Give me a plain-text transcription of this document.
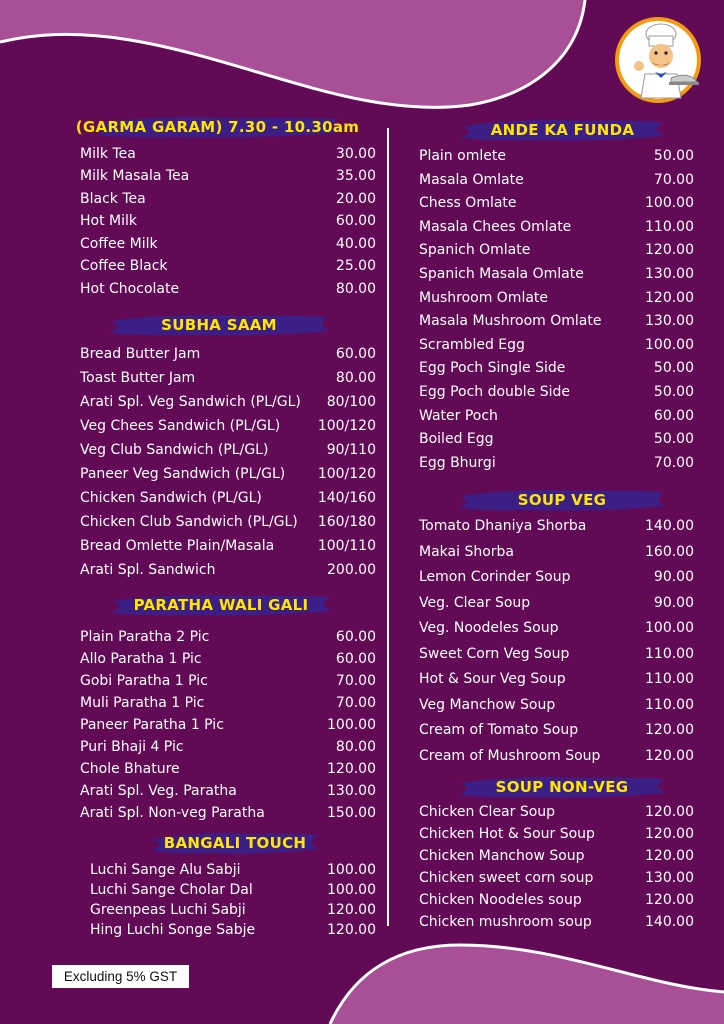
(GARMA GARAM) 7.30 - 10.30am
Milk Tea	30.00
Milk Masala Tea	35.00
Black Tea	20.00
Hot Milk	60.00
Coffee Milk	40.00
Coffee Black	25.00
Hot Chocolate	80.00
SUBHA SAAM
Bread Butter Jam	60.00
Toast Butter Jam	80.00
Arati Spl. Veg Sandwich (PL/GL) 80/100
Veg Chees Sandwich (PL/GL)	100/120
Veg Club Sandwich (PL/GL)	90/110
Paneer Veg Sandwich (PL/GL) 100/120
Chicken Sandwich (PL/GL)	140/160
Chicken Club Sandwich (PL/GL) 160/180
Bread Omlette Plain/Masala	100/110
Arati Spl. Sandwich	200.00
PARATHA WALI GALI
Plain Paratha 2 Pic	60.00
Allo Paratha 1 Pic	60.00
Gobi Paratha 1 Pic	70.00
Muli Paratha 1 Pic	70.00
Paneer Paratha 1 Pic	100.00
Puri Bhaji 4 Pic	80.00
Chole Bhature	120.00
Arati Spl. Veg. Paratha	130.00
Arati Spl. Non-veg Paratha	150.00
BANGALI TOUCH
Luchi Sange Alu Sabji	100.00
Luchi Sange Cholar Dal	100.00
Greenpeas Luchi Sabji	120.00
Hing Luchi Songe Sabje	120.00
ANDE KA FUNDA
Plain omlete	50.00
Masala Omlate	70.00
Chess Omlate	100.00
Masala Chees Omlate	110.00
Spanich Omlate	120.00
Spanich Masala Omlate	130.00
Mushroom Omlate	120.00
Masala Mushroom Omlate	130.00
Scrambled Egg	100.00
Egg Poch Single Side	50.00
Egg Poch double Side	50.00
Water Poch	60.00
Boiled Egg	50.00
Egg Bhurgi	70.00
SOUP VEG
Tomato Dhaniya Shorba	140.00
Makai Shorba	160.00
Lemon Corinder Soup	90.00
Veg. Clear Soup	90.00
Veg. Noodeles Soup	100.00
Sweet Corn Veg Soup	110.00
Hot & Sour Veg Soup	110.00
Veg Manchow Soup	110.00
Cream of Tomato Soup	120.00
Cream of Mushroom Soup	120.00
SOUP NON-VEG
Chicken Clear Soup	120.00
Chicken Hot & Sour Soup	120.00
Chicken Manchow Soup	120.00
Chicken sweet corn soup	130.00
Chicken Noodeles soup	120.00
Chicken mushroom soup	140.00
Excluding 5% GST
